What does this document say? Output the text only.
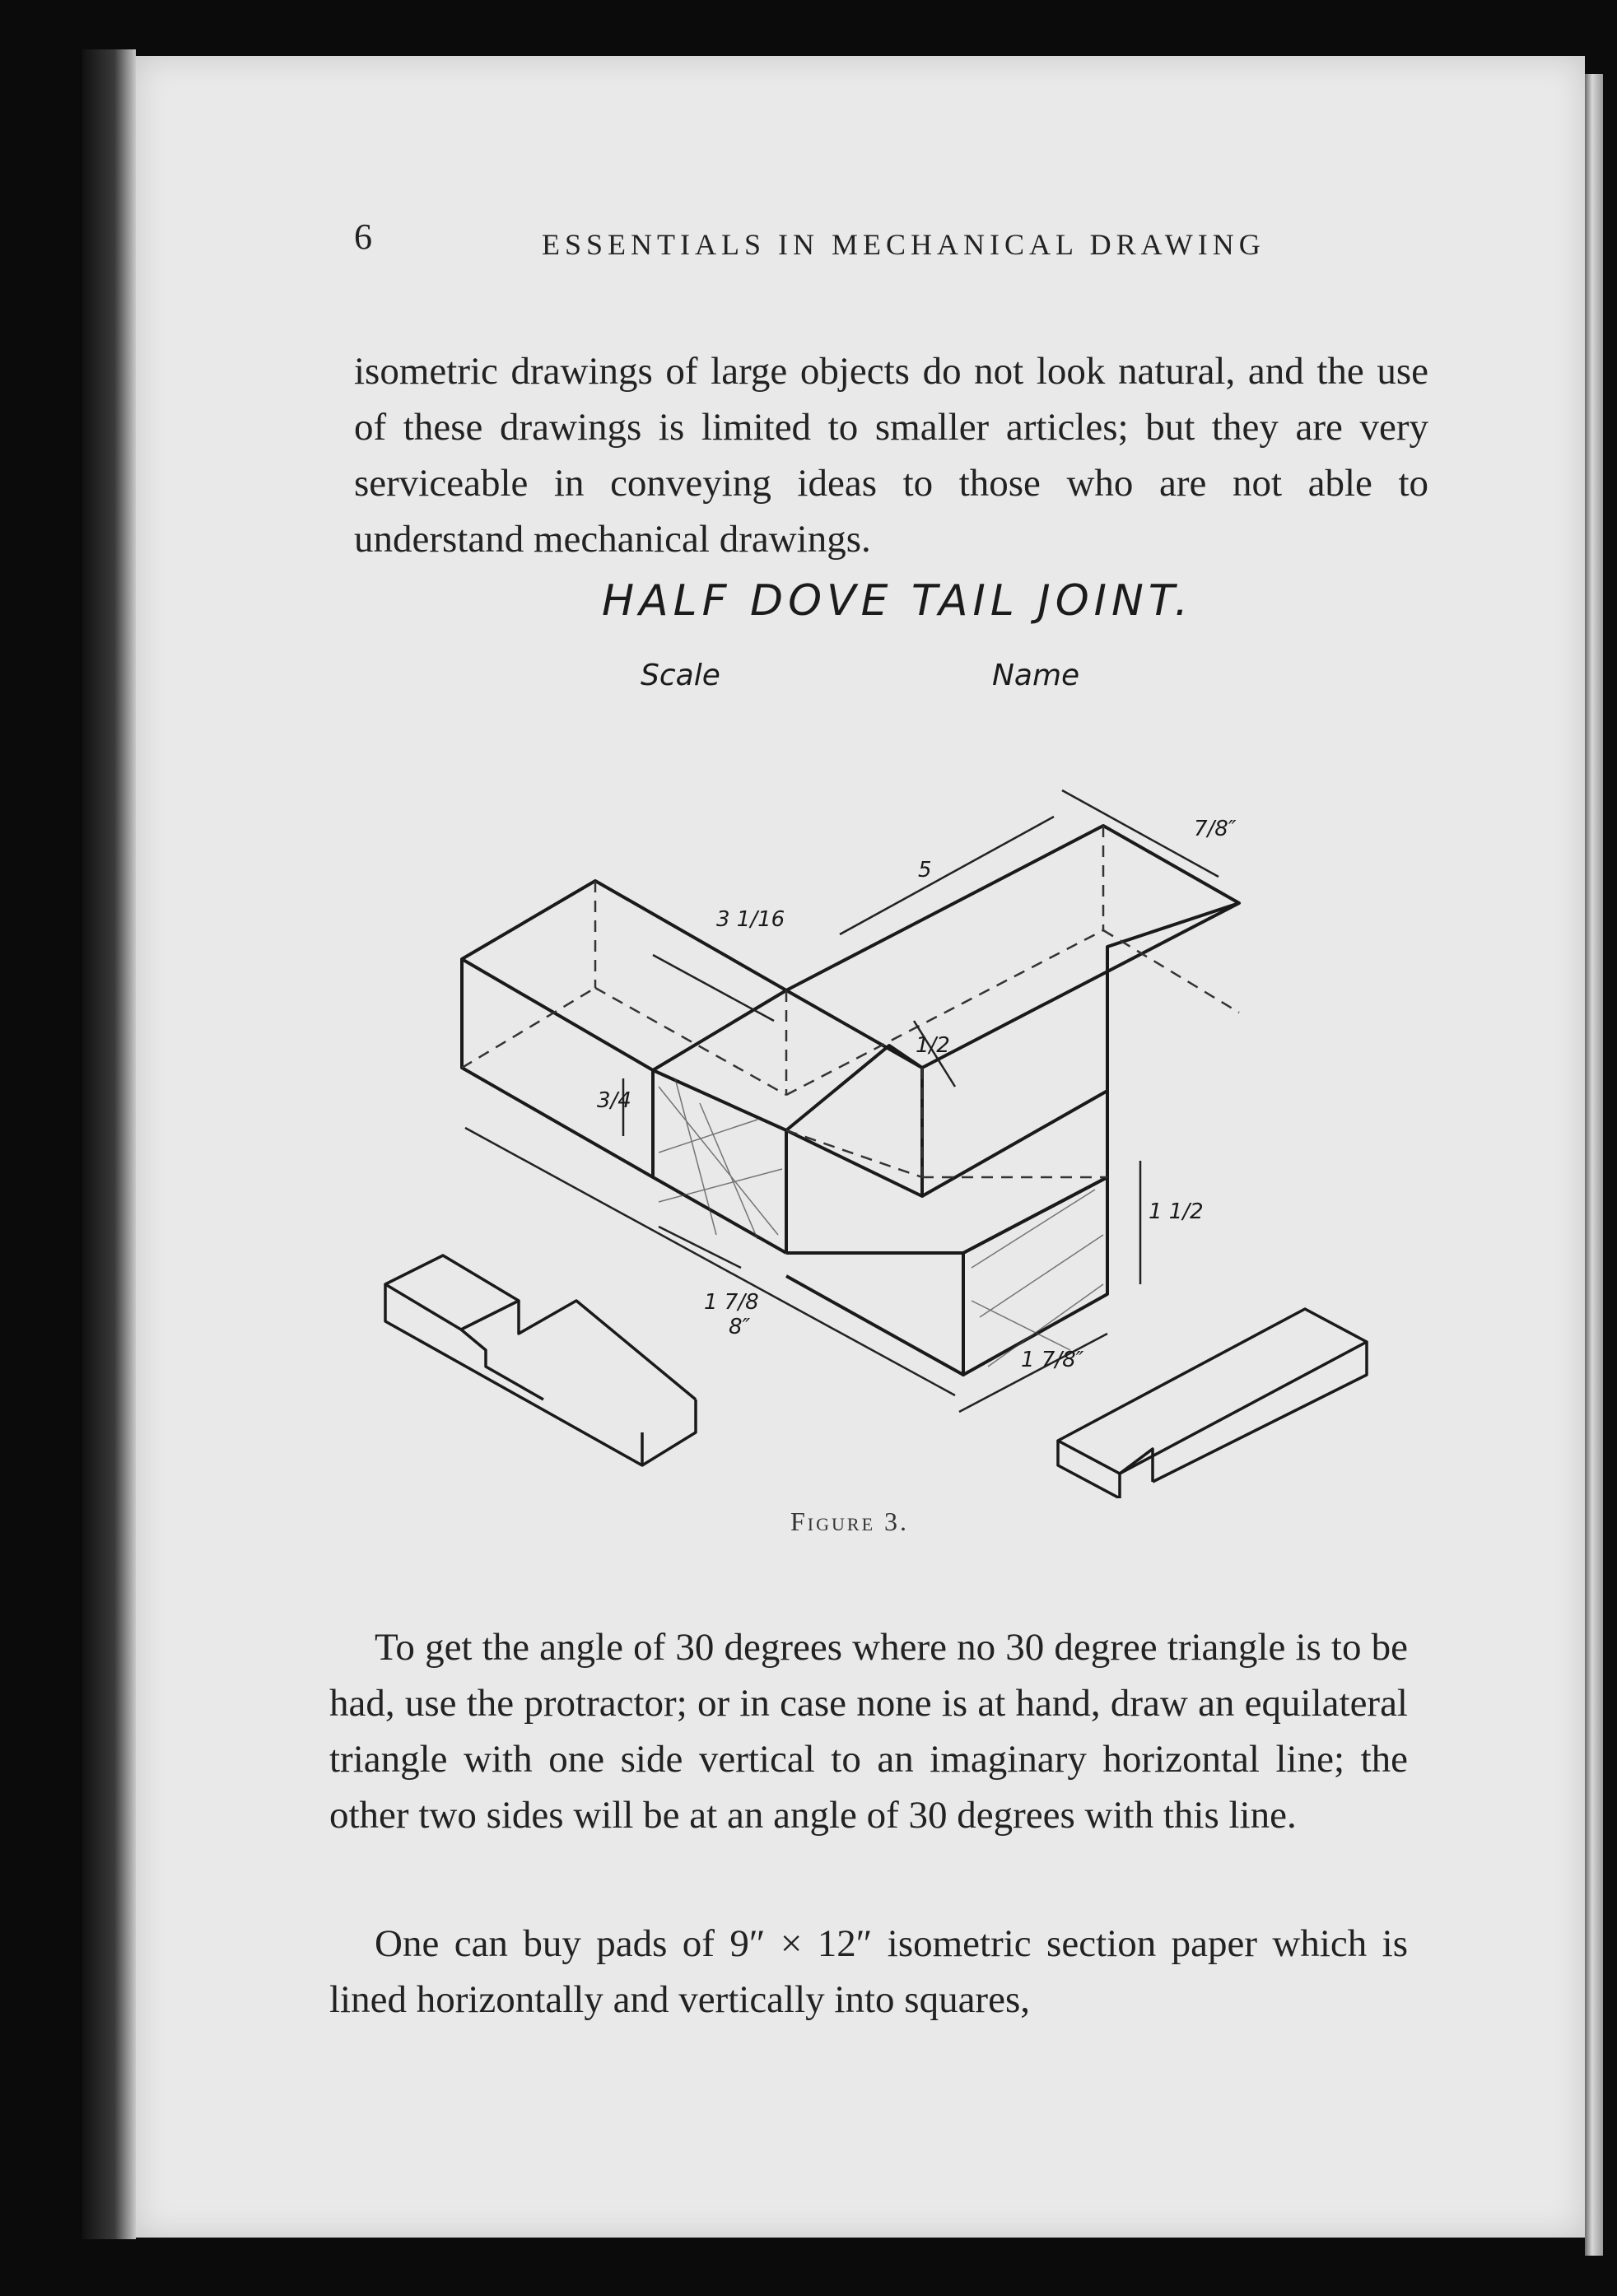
6	ESSENTIALS IN MECHANICAL DRAWING

isometric drawings of large objects do not look natural, and the use of these drawings is limited to smaller articles; but they are very serviceable in conveying ideas to those who are not able to understand mechanical drawings.

HALF DOVE TAIL JOINT.
Scale	Name
5
3 1/16
7/8″
1/2
3/4
1 7/8
8″
1 1/2
1 7/8″
Figure 3.

To get the angle of 30 degrees where no 30 degree triangle is to be had, use the protractor; or in case none is at hand, draw an equilateral triangle with one side vertical to an imaginary horizontal line; the other two sides will be at an angle of 30 degrees with this line.

One can buy pads of 9″ × 12″ isometric section paper which is lined horizontally and vertically into squares,
